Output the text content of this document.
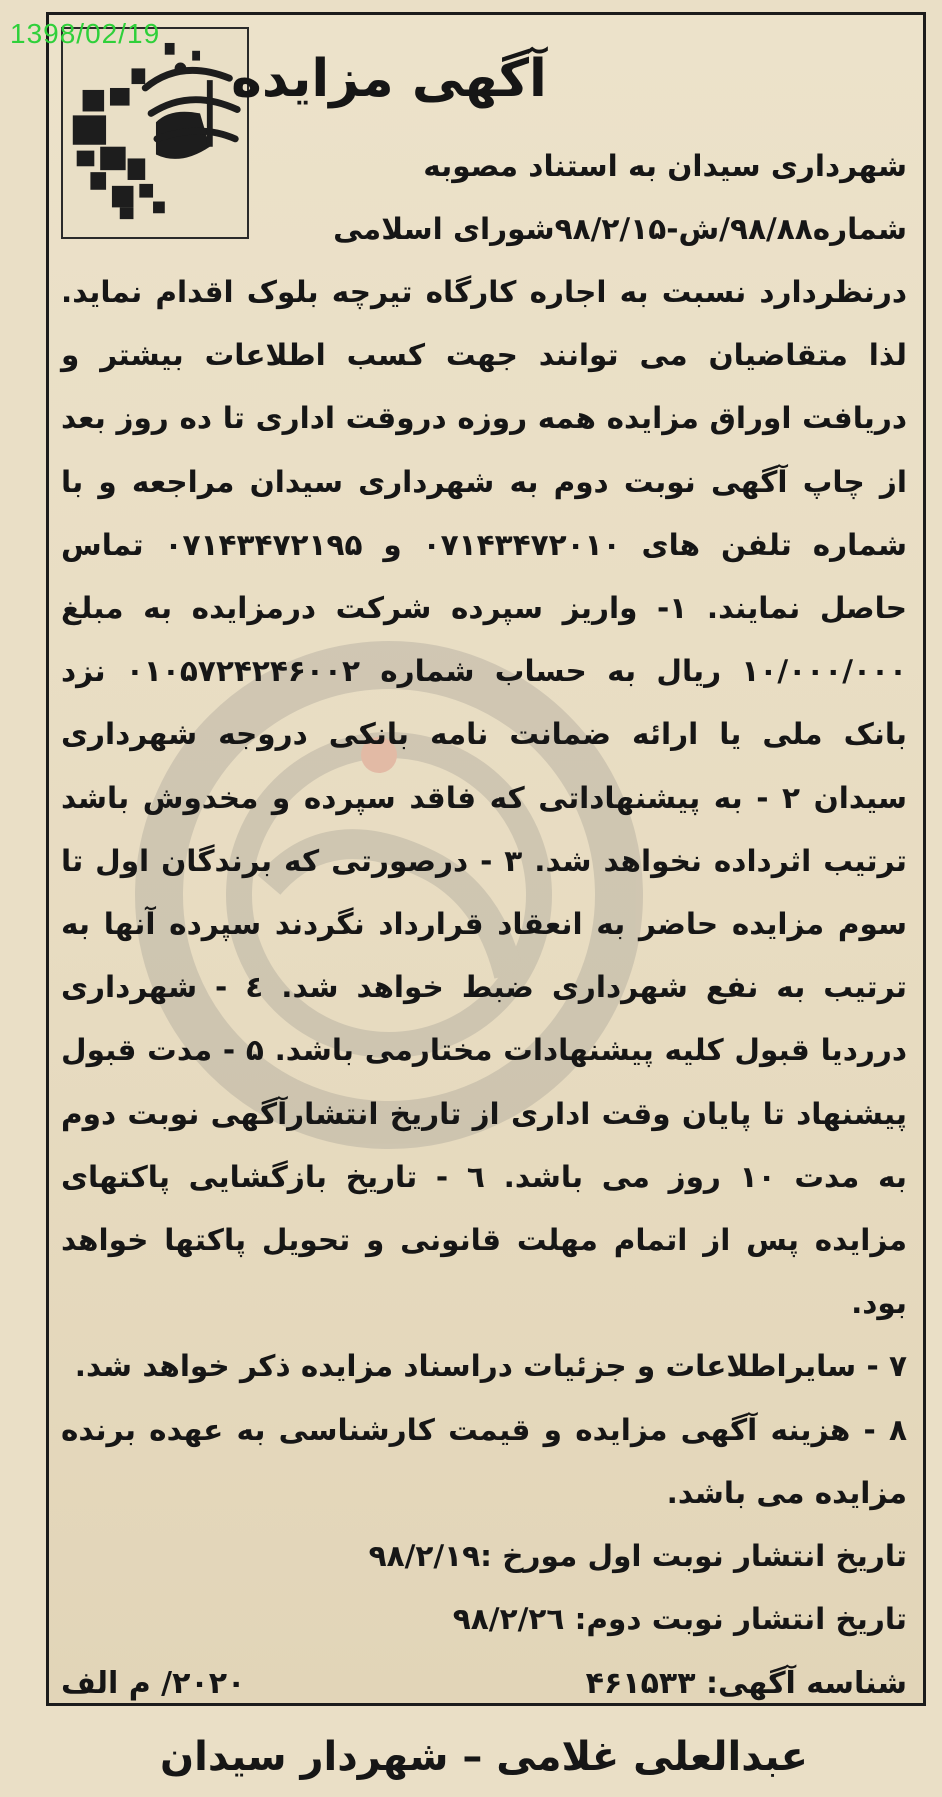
1398/02/19
آگهی مزایده

شهرداری سیدان به استناد مصوبه

شماره۹۸/۸۸/ش-۹۸/۲/۱۵شورای اسلامی

درنظردارد نسبت به اجاره کارگاه تیرچه بلوک اقدام نماید. لذا متقاضیان می توانند جهت کسب اطلاعات بیشتر و دریافت اوراق مزایده همه روزه دروقت اداری تا ده روز بعد از چاپ آگهی نوبت دوم به شهرداری سیدان مراجعه و با شماره تلفن های ۰۷۱۴۳۴۷۲۰۱۰ و ۰۷۱۴۳۴۷۲۱۹۵ تماس حاصل نمایند. ۱- واریز سپرده شرکت درمزایده به مبلغ ۱۰/۰۰۰/۰۰۰ ریال به حساب شماره ۰۱۰۵۷۲۴۲۴۶۰۰۲ نزد بانک ملی یا ارائه ضمانت نامه بانکی دروجه شهرداری سیدان ۲ - به پیشنهاداتی که فاقد سپرده و مخدوش باشد ترتیب اثرداده نخواهد شد. ۳ - درصورتی که برندگان اول تا سوم مزایده حاضر به انعقاد قرارداد نگردند سپرده آنها به ترتیب به نفع شهرداری ضبط خواهد شد. ٤ - شهرداری درردیا قبول کلیه پیشنهادات مختارمی باشد. ۵ - مدت قبول پیشنهاد تا پایان وقت اداری از تاریخ انتشارآگهی نوبت دوم به مدت ۱۰ روز می باشد. ٦ - تاریخ بازگشایی پاکتهای مزایده پس از اتمام مهلت قانونی و تحویل پاکتها خواهد بود.

۷ - سایراطلاعات و جزئیات دراسناد مزایده ذکر خواهد شد.

۸ - هزینه آگهی مزایده و قیمت کارشناسی به عهده برنده مزایده می باشد.

تاریخ انتشار نوبت اول مورخ :۹۸/۲/۱۹

تاریخ انتشار نوبت دوم: ۹۸/۲/۲٦

شناسه آگهی: ۴۶۱۵۳۳
۲۰۲۰/ م الف
عبدالعلی غلامی – شهردار سیدان
